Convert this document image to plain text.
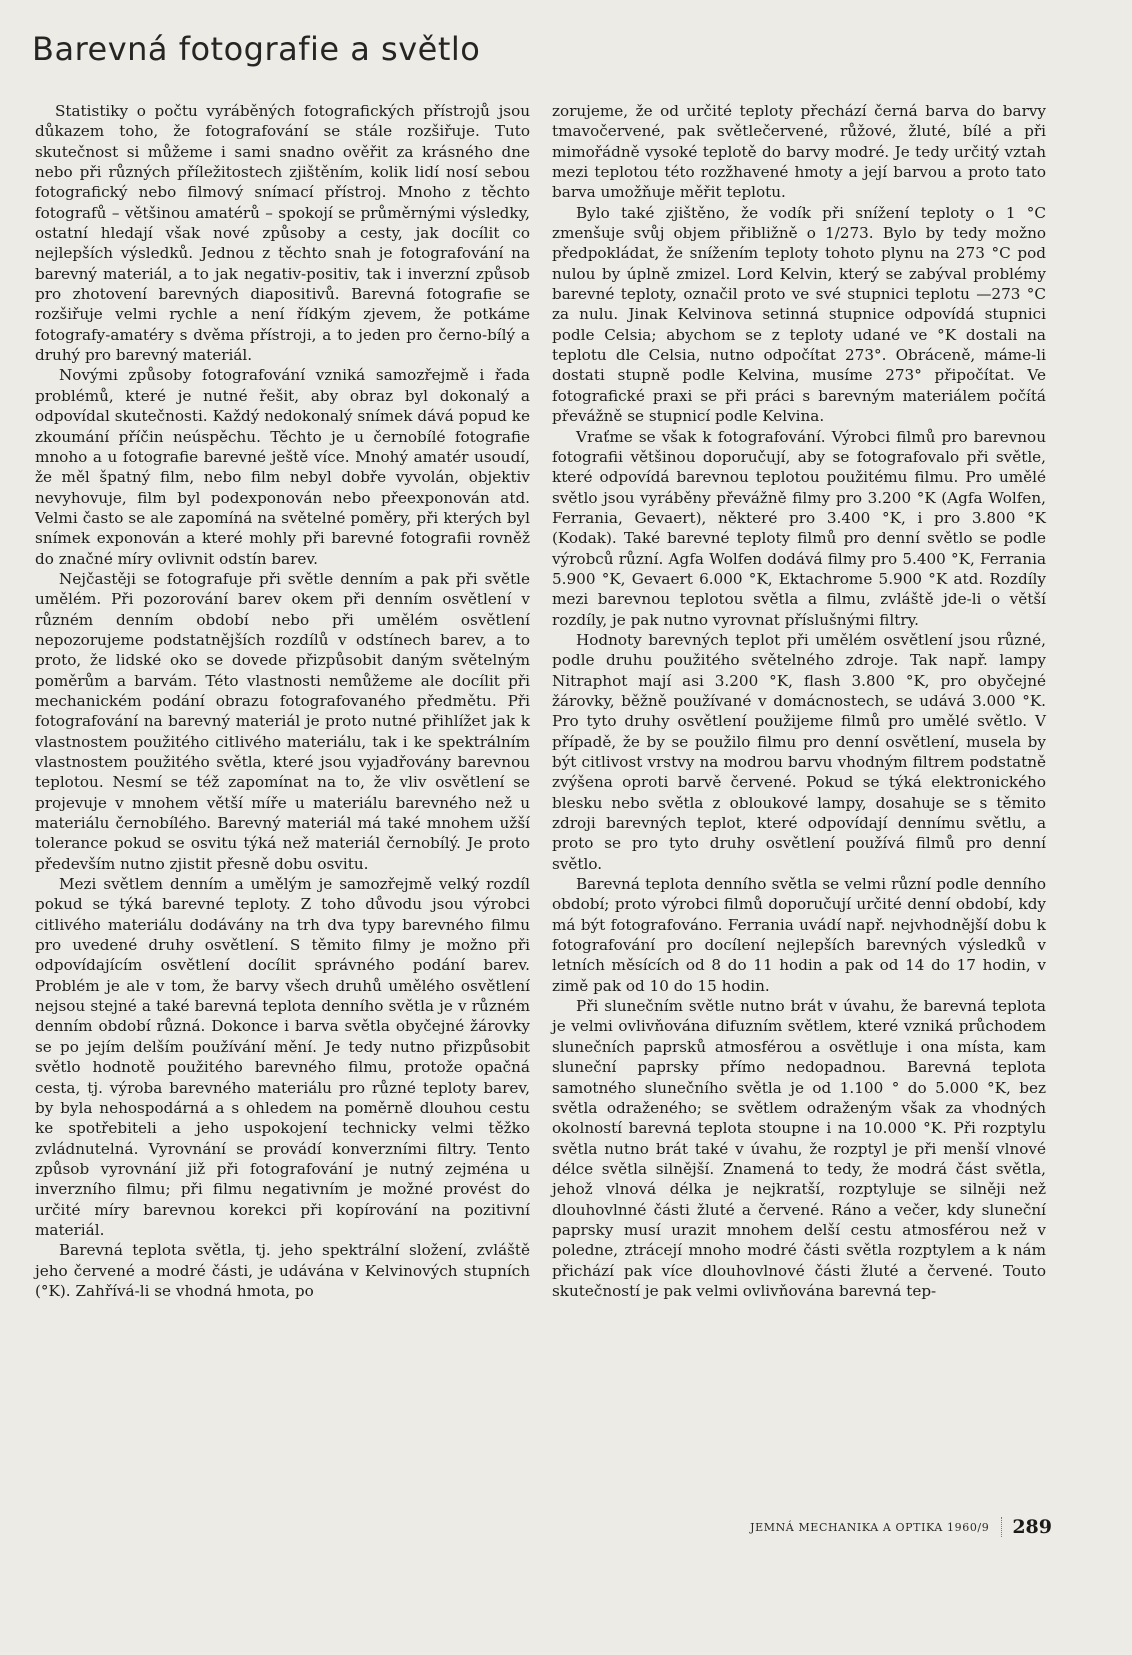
Barevná fotografie a světlo

Statistiky o počtu vyráběných fotografických přístrojů jsou důkazem toho, že fotografování se stále rozšiřuje. Tuto skutečnost si můžeme i sami snadno ověřit za krásného dne nebo při různých příležitostech zjištěním, kolik lidí nosí sebou fotografický nebo filmový snímací přístroj. Mnoho z těchto fotografů – většinou amatérů – spokojí se průměrnými výsledky, ostatní hledají však nové způsoby a cesty, jak docílit co nejlepších výsledků. Jednou z těchto snah je fotografování na barevný materiál, a to jak negativ-positiv, tak i inverzní způsob pro zhotovení barevných diapositivů. Barevná fotografie se rozšiřuje velmi rychle a není řídkým zjevem, že potkáme fotografy-amatéry s dvěma přístroji, a to jeden pro černo-bílý a druhý pro barevný materiál.

Novými způsoby fotografování vzniká samozřejmě i řada problémů, které je nutné řešit, aby obraz byl dokonalý a odpovídal skutečnosti. Každý nedokonalý snímek dává popud ke zkoumání příčin neúspěchu. Těchto je u černobílé fotografie mnoho a u fotografie barevné ještě více. Mnohý amatér usoudí, že měl špatný film, nebo film nebyl dobře vyvolán, objektiv nevyhovuje, film byl podexponován nebo přeexponován atd. Velmi často se ale zapomíná na světelné poměry, při kterých byl snímek exponován a které mohly při barevné fotografii rovněž do značné míry ovlivnit odstín barev.

Nejčastěji se fotografuje při světle denním a pak při světle umělém. Při pozorování barev okem při denním osvětlení v různém denním období nebo při umělém osvětlení nepozorujeme podstatnějších rozdílů v odstínech barev, a to proto, že lidské oko se dovede přizpůsobit daným světelným poměrům a barvám. Této vlastnosti nemůžeme ale docílit při mechanickém podání obrazu fotografovaného předmětu. Při fotografování na barevný materiál je proto nutné přihlížet jak k vlastnostem použitého citlivého materiálu, tak i ke spektrálním vlastnostem použitého světla, které jsou vyjadřovány barevnou teplotou. Nesmí se též zapomínat na to, že vliv osvětlení se projevuje v mnohem větší míře u materiálu barevného než u materiálu černobílého. Barevný materiál má také mnohem užší tolerance pokud se osvitu týká než materiál černobílý. Je proto především nutno zjistit přesně dobu osvitu.

Mezi světlem denním a umělým je samozřejmě velký rozdíl pokud se týká barevné teploty. Z toho důvodu jsou výrobci citlivého materiálu dodávány na trh dva typy barevného filmu pro uvedené druhy osvětlení. S těmito filmy je možno při odpovídajícím osvětlení docílit správného podání barev. Problém je ale v tom, že barvy všech druhů umělého osvětlení nejsou stejné a také barevná teplota denního světla je v různém denním období různá. Dokonce i barva světla obyčejné žárovky se po jejím delším používání mění. Je tedy nutno přizpůsobit světlo hodnotě použitého barevného filmu, protože opačná cesta, tj. výroba barevného materiálu pro různé teploty barev, by byla nehospodárná a s ohledem na poměrně dlouhou cestu ke spotřebiteli a jeho uspokojení technicky velmi těžko zvládnutelná. Vyrovnání se provádí konverzními filtry. Tento způsob vyrovnání již při fotografování je nutný zejména u inverzního filmu; při filmu negativním je možné provést do určité míry barevnou korekci při kopírování na pozitivní materiál.

Barevná teplota světla, tj. jeho spektrální složení, zvláště jeho červené a modré části, je udávána v Kelvinových stupních (°K). Zahřívá-li se vhodná hmota, po

zorujeme, že od určité teploty přechází černá barva do barvy tmavočervené, pak světlečervené, růžové, žluté, bílé a při mimořádně vysoké teplotě do barvy modré. Je tedy určitý vztah mezi teplotou této rozžhavené hmoty a její barvou a proto tato barva umožňuje měřit teplotu.

Bylo také zjištěno, že vodík při snížení teploty o 1 °C zmenšuje svůj objem přibližně o 1/273. Bylo by tedy možno předpokládat, že snížením teploty tohoto plynu na 273 °C pod nulou by úplně zmizel. Lord Kelvin, který se zabýval problémy barevné teploty, označil proto ve své stupnici teplotu —273 °C za nulu. Jinak Kelvinova setinná stupnice odpovídá stupnici podle Celsia; abychom se z teploty udané ve °K dostali na teplotu dle Celsia, nutno odpočítat 273°. Obráceně, máme-li dostati stupně podle Kelvina, musíme 273° připočítat. Ve fotografické praxi se při práci s barevným materiálem počítá převážně se stupnicí podle Kelvina.

Vraťme se však k fotografování. Výrobci filmů pro barevnou fotografii většinou doporučují, aby se fotografovalo při světle, které odpovídá barevnou teplotou použitému filmu. Pro umělé světlo jsou vyráběny převážně filmy pro 3.200 °K (Agfa Wolfen, Ferrania, Gevaert), některé pro 3.400 °K, i pro 3.800 °K (Kodak). Také barevné teploty filmů pro denní světlo se podle výrobců různí. Agfa Wolfen dodává filmy pro 5.400 °K, Ferrania 5.900 °K, Gevaert 6.000 °K, Ektachrome 5.900 °K atd. Rozdíly mezi barevnou teplotou světla a filmu, zvláště jde-li o větší rozdíly, je pak nutno vyrovnat příslušnými filtry.

Hodnoty barevných teplot při umělém osvětlení jsou různé, podle druhu použitého světelného zdroje. Tak např. lampy Nitraphot mají asi 3.200 °K, flash 3.800 °K, pro obyčejné žárovky, běžně používané v domácnostech, se udává 3.000 °K. Pro tyto druhy osvětlení použijeme filmů pro umělé světlo. V případě, že by se použilo filmu pro denní osvětlení, musela by být citlivost vrstvy na modrou barvu vhodným filtrem podstatně zvýšena oproti barvě červené. Pokud se týká elektronického blesku nebo světla z obloukové lampy, dosahuje se s těmito zdroji barevných teplot, které odpovídají dennímu světlu, a proto se pro tyto druhy osvětlení používá filmů pro denní světlo.

Barevná teplota denního světla se velmi různí podle denního období; proto výrobci filmů doporučují určité denní období, kdy má být fotografováno. Ferrania uvádí např. nejvhodnější dobu k fotografování pro docílení nejlepších barevných výsledků v letních měsících od 8 do 11 hodin a pak od 14 do 17 hodin, v zimě pak od 10 do 15 hodin.

Při slunečním světle nutno brát v úvahu, že barevná teplota je velmi ovlivňována difuzním světlem, které vzniká průchodem slunečních paprsků atmosférou a osvětluje i ona místa, kam sluneční paprsky přímo nedopadnou. Barevná teplota samotného slunečního světla je od 1.100 ° do 5.000 °K, bez světla odraženého; se světlem odraženým však za vhodných okolností barevná teplota stoupne i na 10.000 °K. Při rozptylu světla nutno brát také v úvahu, že rozptyl je při menší vlnové délce světla silnější. Znamená to tedy, že modrá část světla, jehož vlnová délka je nejkratší, rozptyluje se silněji než dlouhovlnné části žluté a červené. Ráno a večer, kdy sluneční paprsky musí urazit mnohem delší cestu atmosférou než v poledne, ztrácejí mnoho modré části světla rozptylem a k nám přichází pak více dlouhovlnové části žluté a červené. Touto skutečností je pak velmi ovlivňována barevná tep-

JEMNÁ MECHANIKA A OPTIKA 1960/9 289
